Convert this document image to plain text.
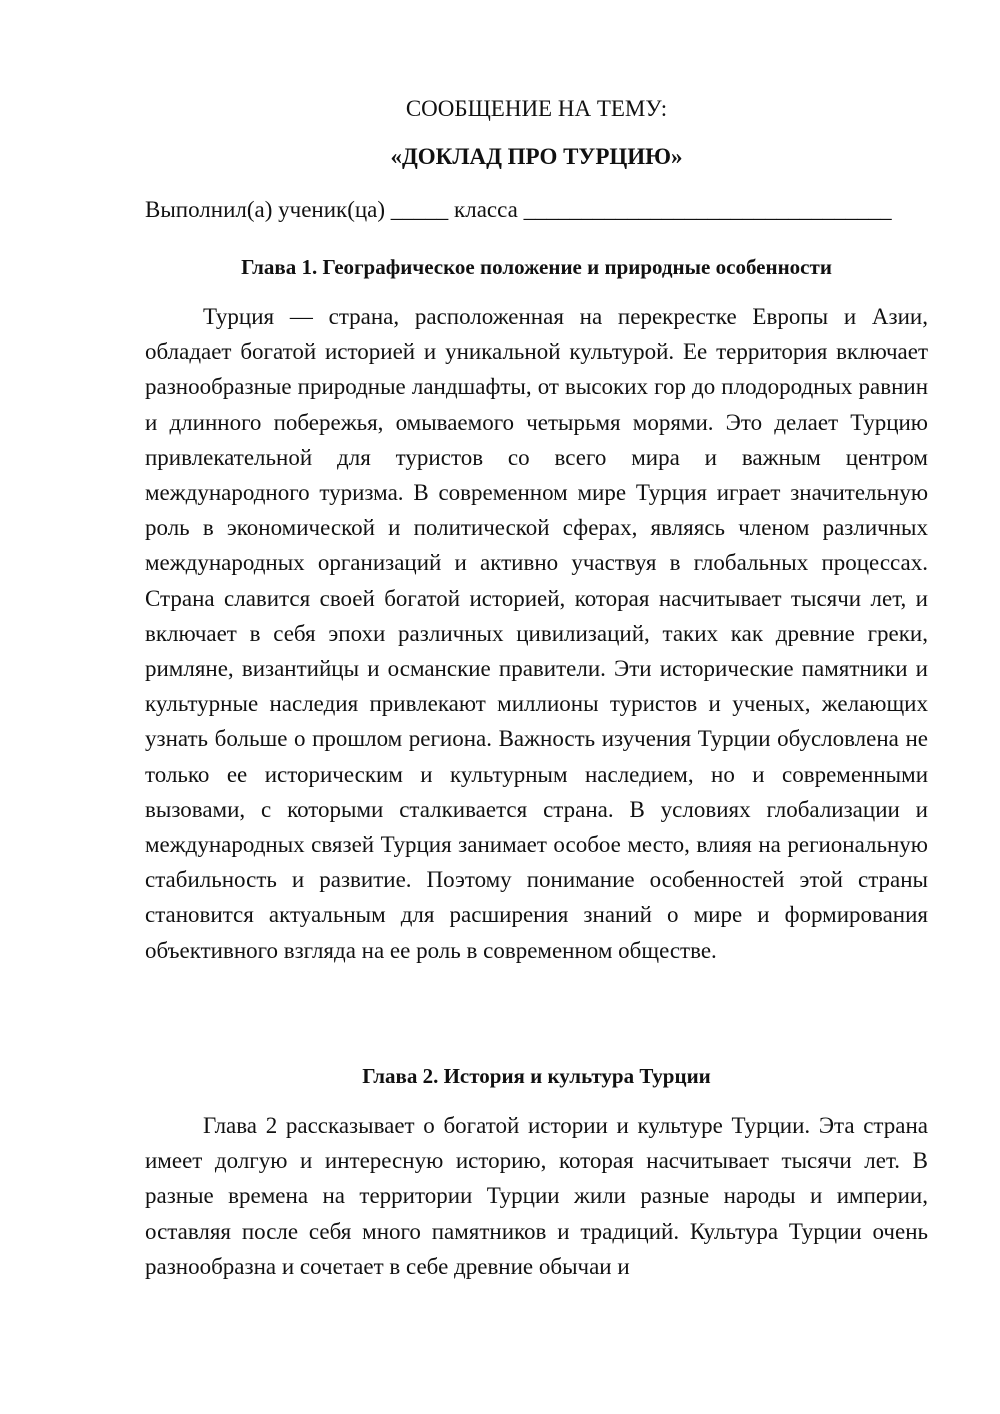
СООБЩЕНИЕ НА ТЕМУ:

«ДОКЛАД ПРО ТУРЦИЮ»

Выполнил(а) ученик(ца) _____ класса ________________________________

Глава 1. Географическое положение и природные особенности

Турция — страна, расположенная на перекрестке Европы и Азии, обладает богатой историей и уникальной культурой. Ее территория включает разнообразные природные ландшафты, от высоких гор до плодородных равнин и длинного побережья, омываемого четырьмя морями. Это делает Турцию привлекательной для туристов со всего мира и важным центром международного туризма. В современном мире Турция играет значительную роль в экономической и политической сферах, являясь членом различных международных организаций и активно участвуя в глобальных процессах. Страна славится своей богатой историей, которая насчитывает тысячи лет, и включает в себя эпохи различных цивилизаций, таких как древние греки, римляне, византийцы и османские правители. Эти исторические памятники и культурные наследия привлекают миллионы туристов и ученых, желающих узнать больше о прошлом региона. Важность изучения Турции обусловлена не только ее историческим и культурным наследием, но и современными вызовами, с которыми сталкивается страна. В условиях глобализации и международных связей Турция занимает особое место, влияя на региональную стабильность и развитие. Поэтому понимание особенностей этой страны становится актуальным для расширения знаний о мире и формирования объективного взгляда на ее роль в современном обществе.

Глава 2. История и культура Турции

Глава 2 рассказывает о богатой истории и культуре Турции. Эта страна имеет долгую и интересную историю, которая насчитывает тысячи лет. В разные времена на территории Турции жили разные народы и империи, оставляя после себя много памятников и традиций. Культура Турции очень разнообразна и сочетает в себе древние обычаи и
